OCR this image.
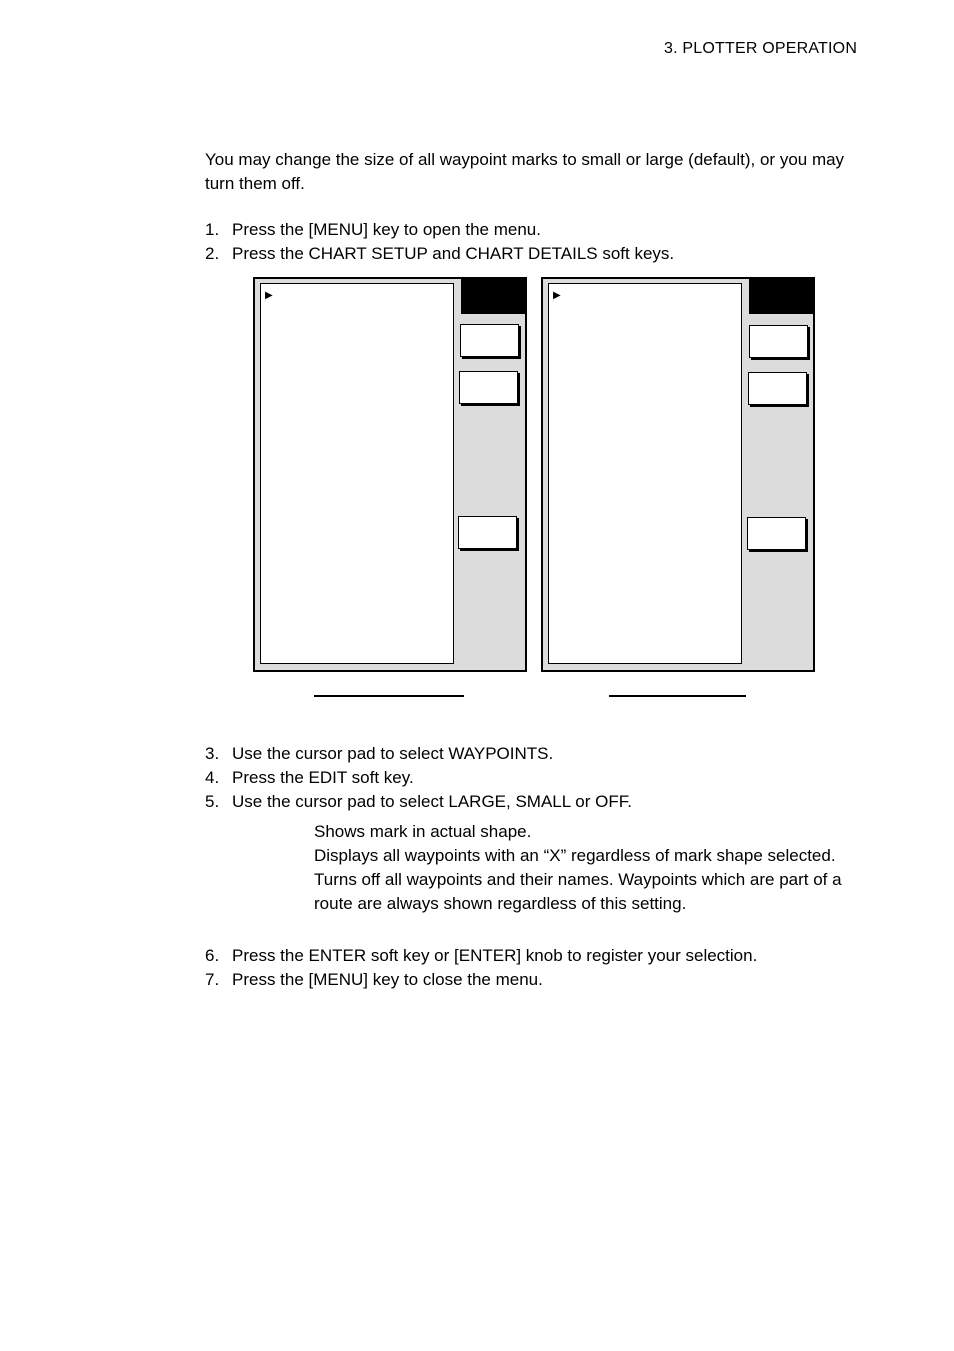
3. PLOTTER OPERATION
You may change the size of all waypoint marks to small or large (default), or you may turn them off.
1. Press the [MENU] key to open the menu.
2. Press the CHART SETUP and CHART DETAILS soft keys.
▶	▶
3. Use the cursor pad to select WAYPOINTS.
4. Press the EDIT soft key.
5. Use the cursor pad to select LARGE, SMALL or OFF.
Shows mark in actual shape.
Displays all waypoints with an “X” regardless of mark shape selected.
Turns off all waypoints and their names. Waypoints which are part of a route are always shown regardless of this setting.
6. Press the ENTER soft key or [ENTER] knob to register your selection.
7. Press the [MENU] key to close the menu.
